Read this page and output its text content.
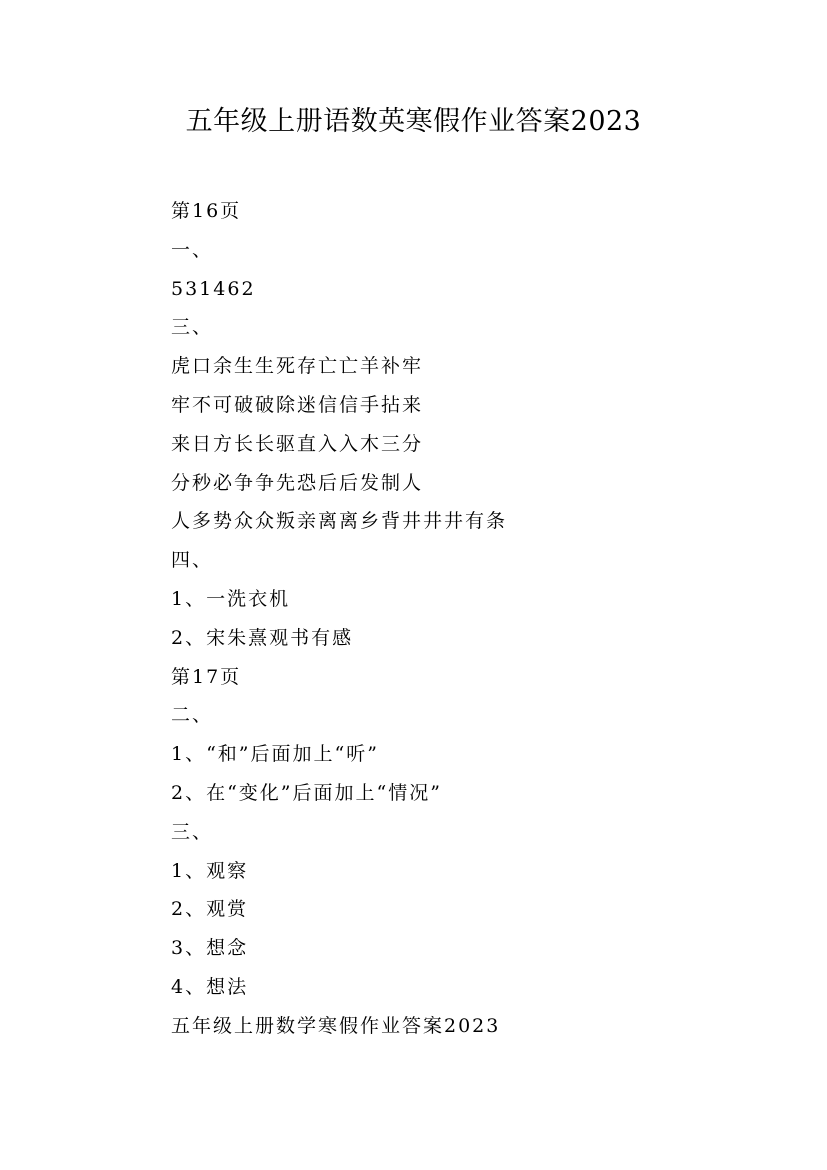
五年级上册语数英寒假作业答案2023
第16页
一、
531462
三、
虎口余生生死存亡亡羊补牢
牢不可破破除迷信信手拈来
来日方长长驱直入入木三分
分秒必争争先恐后后发制人
人多势众众叛亲离离乡背井井井有条
四、
1、一洗衣机
2、宋朱熹观书有感
第17页
二、
1、“和”后面加上“听”
2、在“变化”后面加上“情况”
三、
1、观察
2、观赏
3、想念
4、想法
五年级上册数学寒假作业答案2023
